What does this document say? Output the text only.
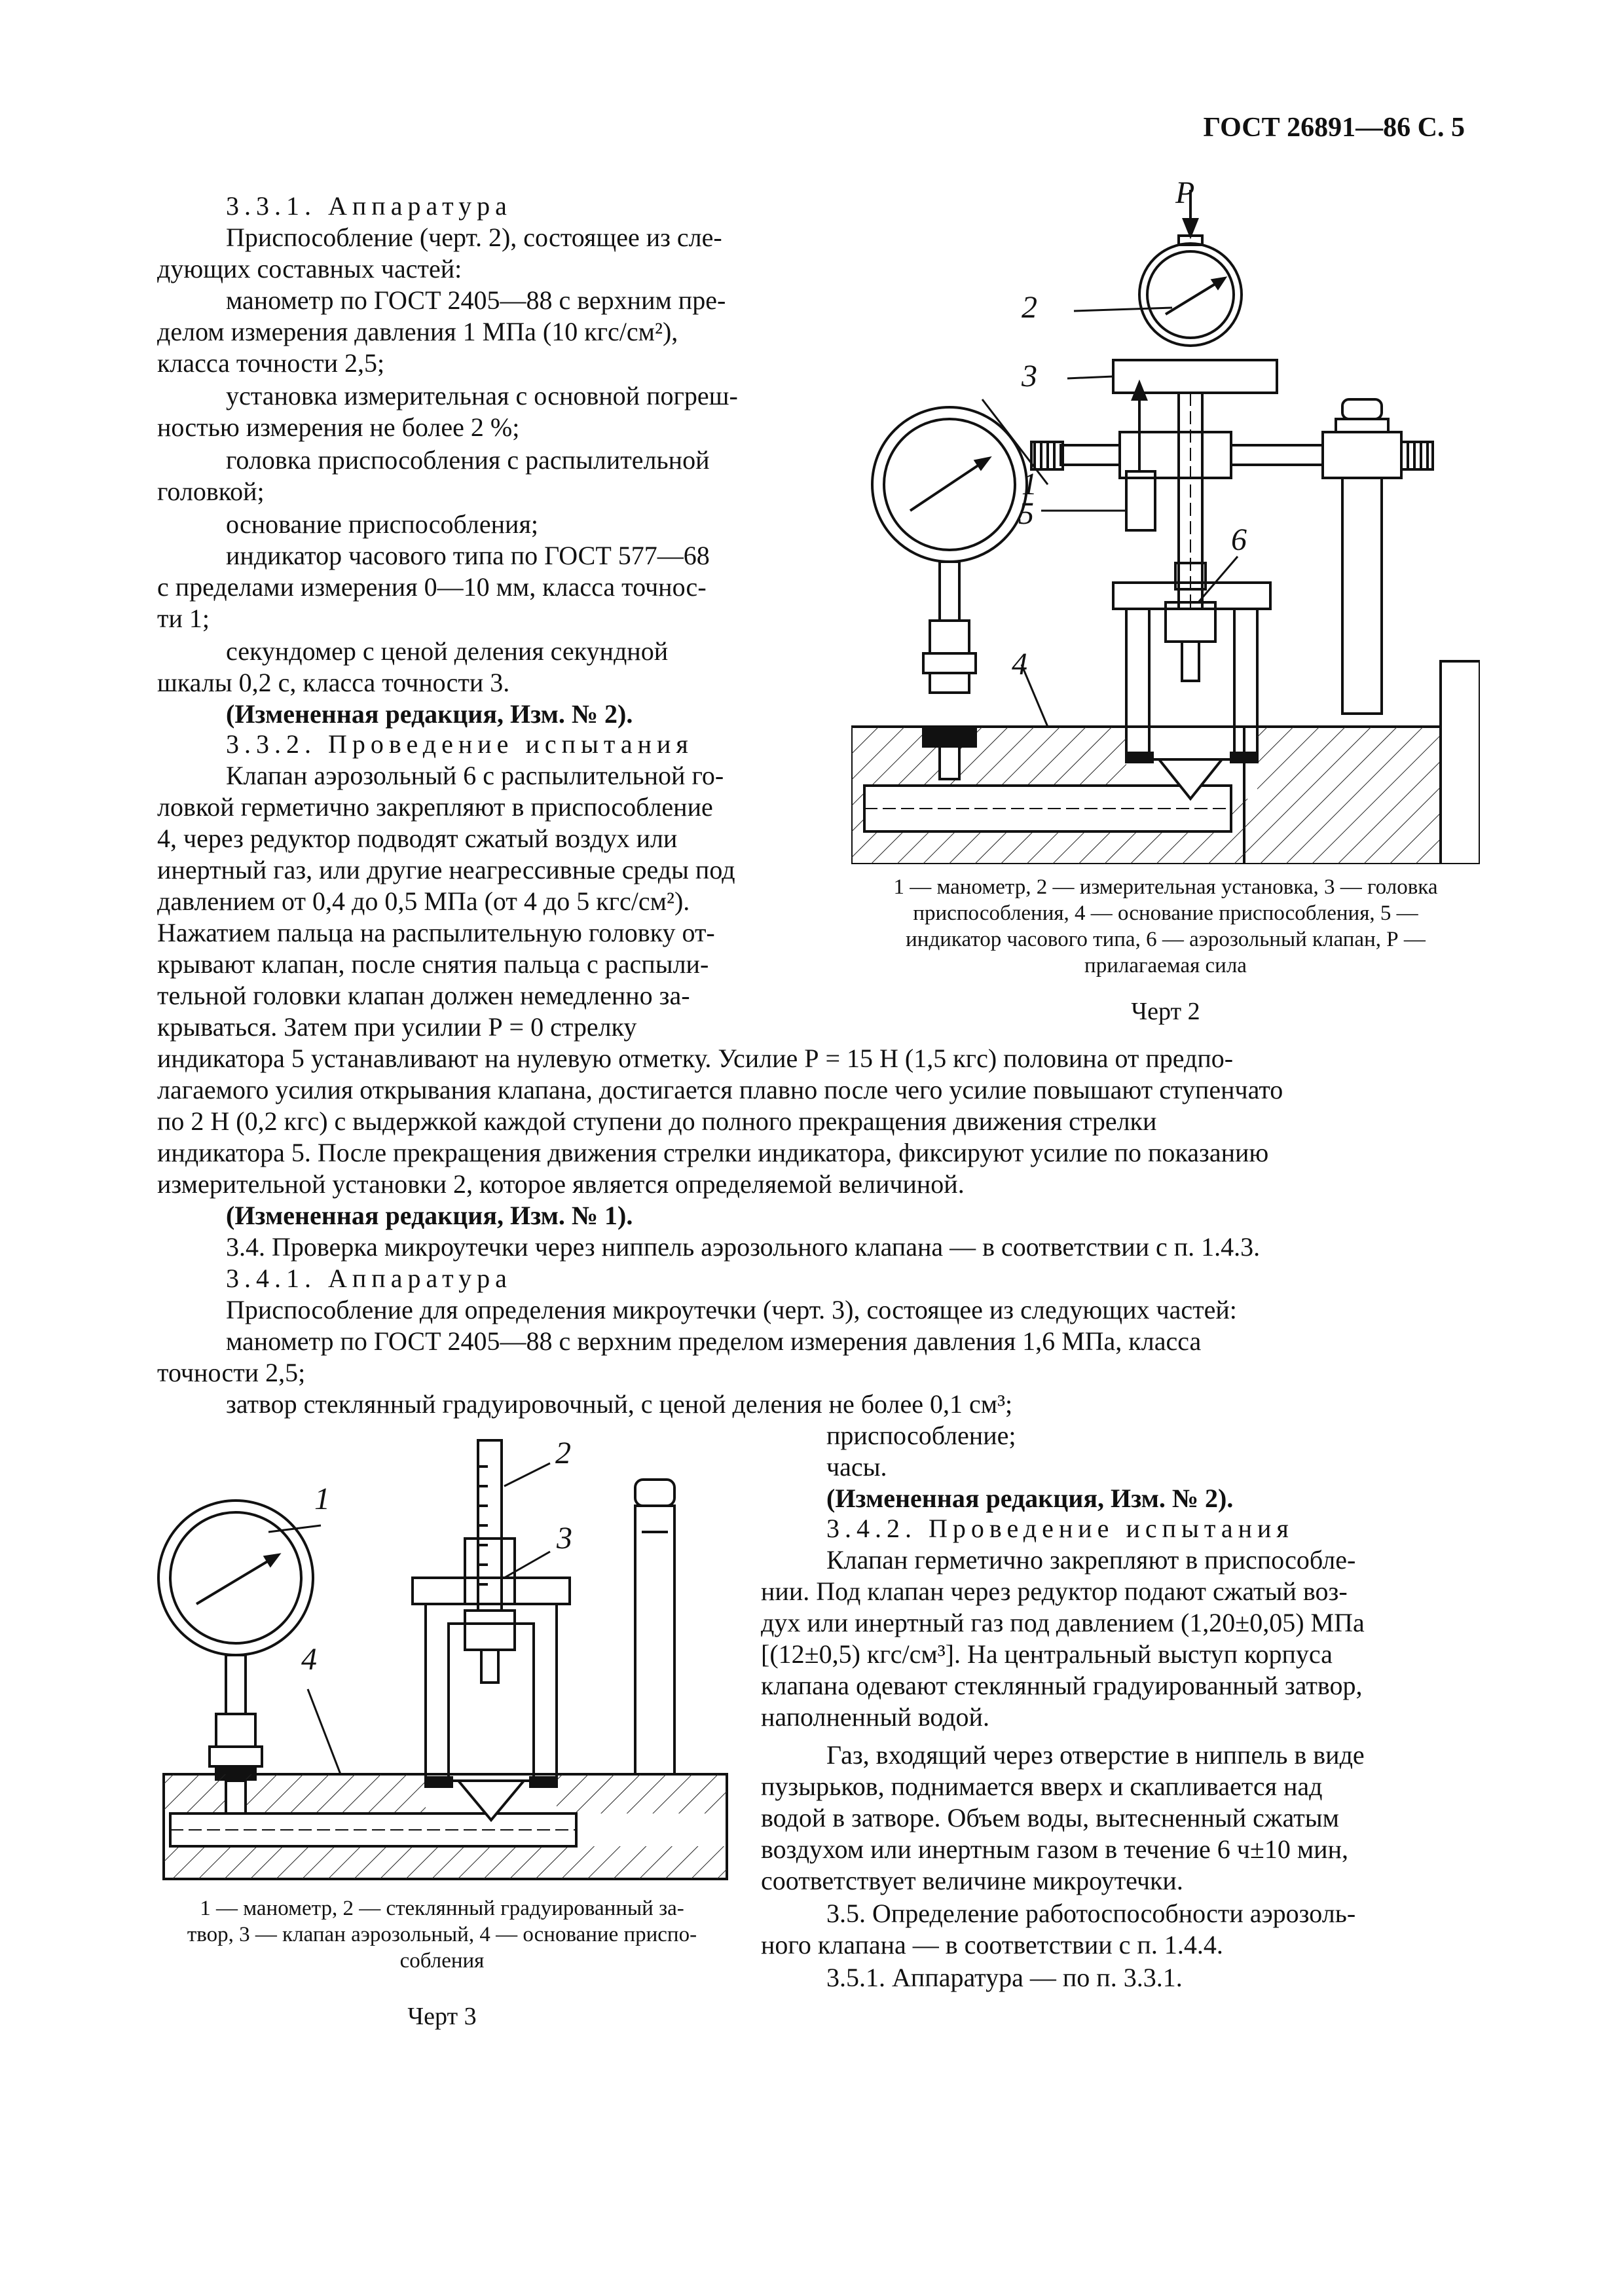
ГОСТ 26891—86 С. 5

3.3.1. Аппаратура

Приспособление (черт. 2), состоящее из сле-

дующих составных частей:

манометр по ГОСТ 2405—88 с верхним пре-

делом измерения давления 1 МПа (10 кгс/см²),

класса точности 2,5;

установка измерительная с основной погреш-

ностью измерения не более 2 %;

головка приспособления с распылительной

головкой;

основание приспособления;

индикатор часового типа по ГОСТ 577—68

с пределами измерения 0—10 мм, класса точнос-

ти 1;

секундомер с ценой деления секундной

шкалы 0,2 с, класса точности 3.

(Измененная редакция, Изм. № 2).

3.3.2. Проведение испытания

Клапан аэрозольный 6 с распылительной го-

ловкой герметично закрепляют в приспособление

4, через редуктор подводят сжатый воздух или

инертный газ, или другие неагрессивные среды под

давлением от 0,4 до 0,5 МПа (от 4 до 5 кгс/см²).

Нажатием пальца на распылительную головку от-

крывают клапан, после снятия пальца с распыли-

тельной головки клапан должен немедленно за-

крываться. Затем при усилии Р = 0 стрелку

индикатора 5 устанавливают на нулевую отметку. Усилие Р = 15 Н (1,5 кгс) половина от предпо-

лагаемого усилия открывания клапана, достигается плавно после чего усилие повышают ступенчато

по 2 Н (0,2 кгс) с выдержкой каждой ступени до полного прекращения движения стрелки

индикатора 5. После прекращения движения стрелки индикатора, фиксируют усилие по показанию

измерительной установки 2, которое является определяемой величиной.

(Измененная редакция, Изм. № 1).

3.4. Проверка микроутечки через ниппель аэрозольного клапана — в соответствии с п. 1.4.3.

3.4.1. Аппаратура

Приспособление для определения микроутечки (черт. 3), состоящее из следующих частей:

манометр по ГОСТ 2405—88 с верхним пределом измерения давления 1,6 МПа, класса

точности 2,5;

затвор стеклянный градуировочный, с ценой деления не более 0,1 см³;

приспособление;

часы.

(Измененная редакция, Изм. № 2).

3.4.2. Проведение испытания

Клапан герметично закрепляют в приспособле-

нии. Под клапан через редуктор подают сжатый воз-

дух или инертный газ под давлением (1,20±0,05) МПа

[(12±0,5) кгс/см³]. На центральный выступ корпуса

клапана одевают стеклянный градуированный затвор,

наполненный водой.

Газ, входящий через отверстие в ниппель в виде

пузырьков, поднимается вверх и скапливается над

водой в затворе. Объем воды, вытесненный сжатым

воздухом или инертным газом в течение 6 ч±10 мин,

соответствует величине микроутечки.

3.5. Определение работоспособности аэрозоль-

ного клапана — в соответствии с п. 1.4.4.

3.5.1. Аппаратура — по п. 3.3.1.

P
2
3
1
5
6
4
1 — манометр, 2 — измерительная установка, 3 — головка
приспособления, 4 — основание приспособления, 5 —
индикатор часового типа, 6 — аэрозольный клапан, Р —
прилагаемая сила
Черт 2
2
1
3
4
1 — манометр, 2 — стеклянный градуированный за-
твор, 3 — клапан аэрозольный, 4 — основание приспо-
собления
Черт 3
